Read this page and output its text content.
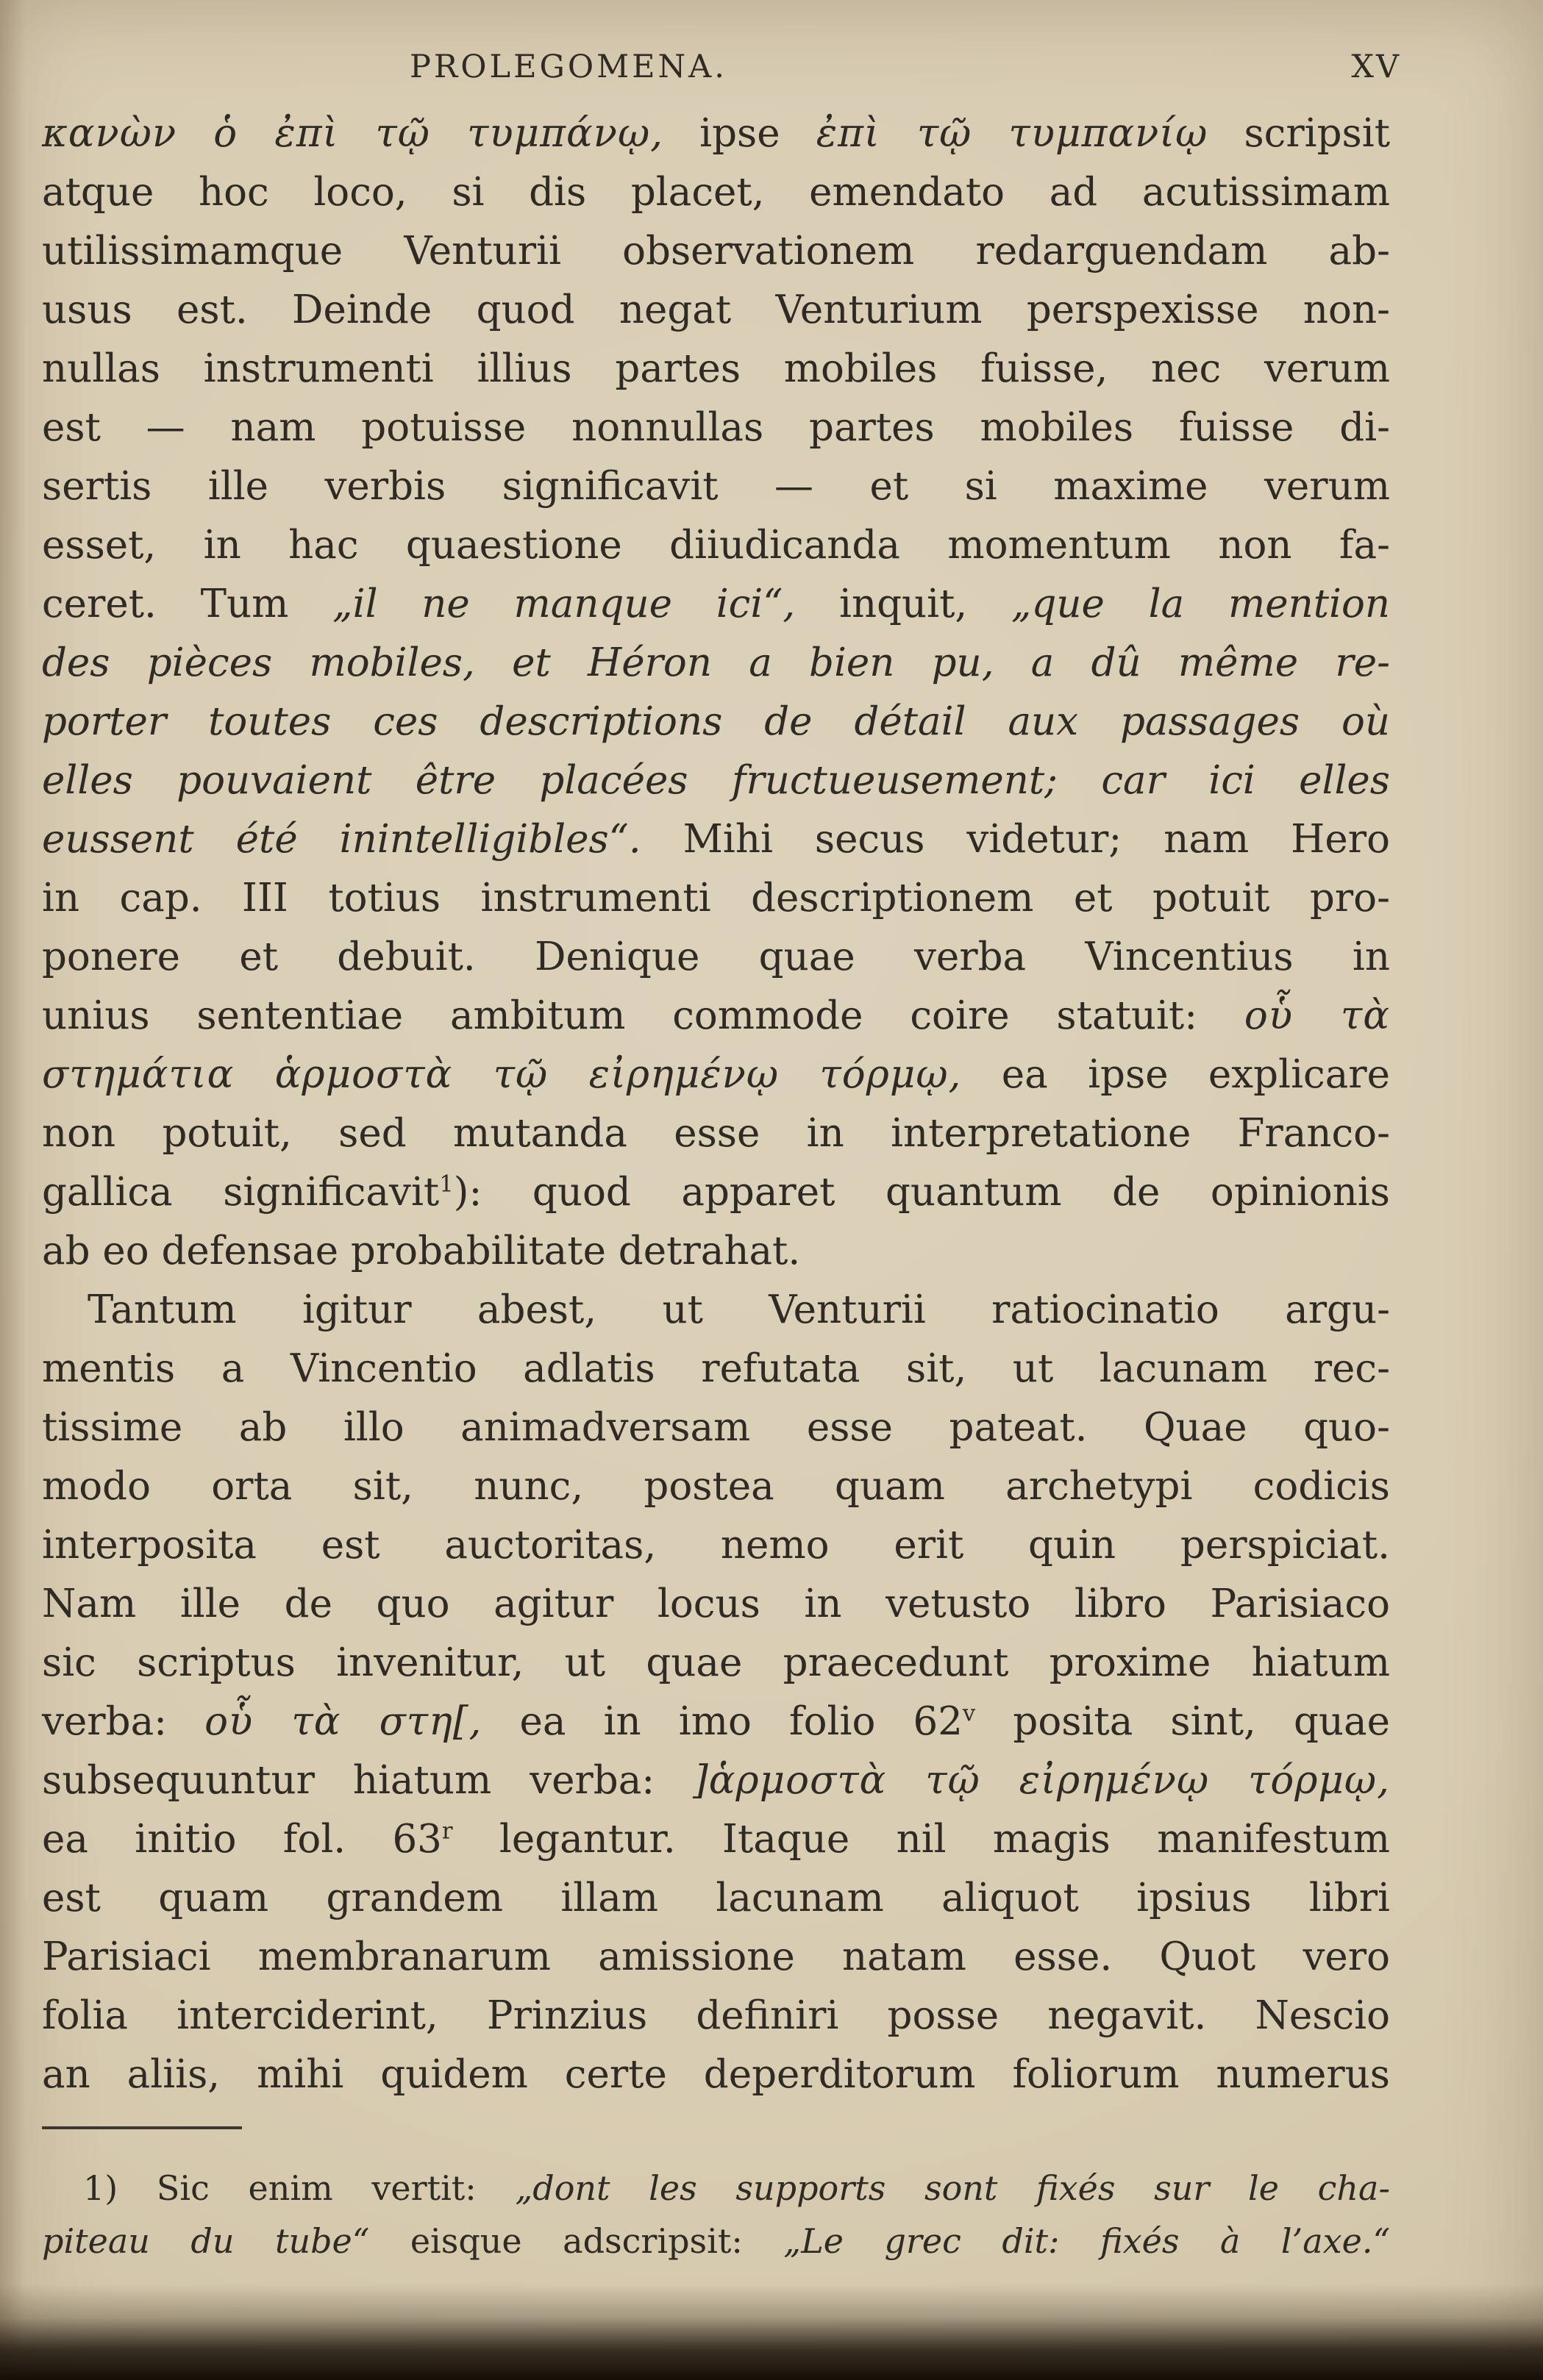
PROLEGOMENA.	XV
κανὼν ὁ ἐπὶ τῷ τυμπάνῳ, ipse ἐπὶ τῷ τυμπανίῳ scripsit
atque hoc loco, si dis placet, emendato ad acutissimam
utilissimamque Venturii observationem redarguendam ab-
usus est. Deinde quod negat Venturium perspexisse non-
nullas instrumenti illius partes mobiles fuisse, nec verum
est — nam potuisse nonnullas partes mobiles fuisse di-
sertis ille verbis significavit — et si maxime verum
esset, in hac quaestione diiudicanda momentum non fa-
ceret. Tum „il ne manque ici“, inquit, „que la mention
des pièces mobiles, et Héron a bien pu, a dû même re-
porter toutes ces descriptions de détail aux passages où
elles pouvaient être placées fructueusement; car ici elles
eussent été inintelligibles“. Mihi secus videtur; nam Hero
in cap. III totius instrumenti descriptionem et potuit pro-
ponere et debuit. Denique quae verba Vincentius in
unius sententiae ambitum commode coire statuit: οὗ τὰ
στημάτια ἁρμοστὰ τῷ εἰρημένῳ τόρμῳ, ea ipse explicare
non potuit, sed mutanda esse in interpretatione Franco-
gallica significavit$^1$): quod apparet quantum de opinionis
ab eo defensae probabilitate detrahat.
Tantum igitur abest, ut Venturii ratiocinatio argu-
mentis a Vincentio adlatis refutata sit, ut lacunam rec-
tissime ab illo animadversam esse pateat. Quae quo-
modo orta sit, nunc, postea quam archetypi codicis
interposita est auctoritas, nemo erit quin perspiciat.
Nam ille de quo agitur locus in vetusto libro Parisiaco
sic scriptus invenitur, ut quae praecedunt proxime hiatum
verba: οὗ τὰ στη[, ea in imo folio 62$^v$ posita sint, quae
subsequuntur hiatum verba: ]ἁρμοστὰ τῷ εἰρημένῳ τόρμῳ,
ea initio fol. 63$^r$ legantur. Itaque nil magis manifestum
est quam grandem illam lacunam aliquot ipsius libri
Parisiaci membranarum amissione natam esse. Quot vero
folia interciderint, Prinzius definiri posse negavit. Nescio
an aliis, mihi quidem certe deperditorum foliorum numerus
1) Sic enim vertit: „dont les supports sont fixés sur le cha-
piteau du tube“ eisque adscripsit: „Le grec dit: fixés à l’axe.“
